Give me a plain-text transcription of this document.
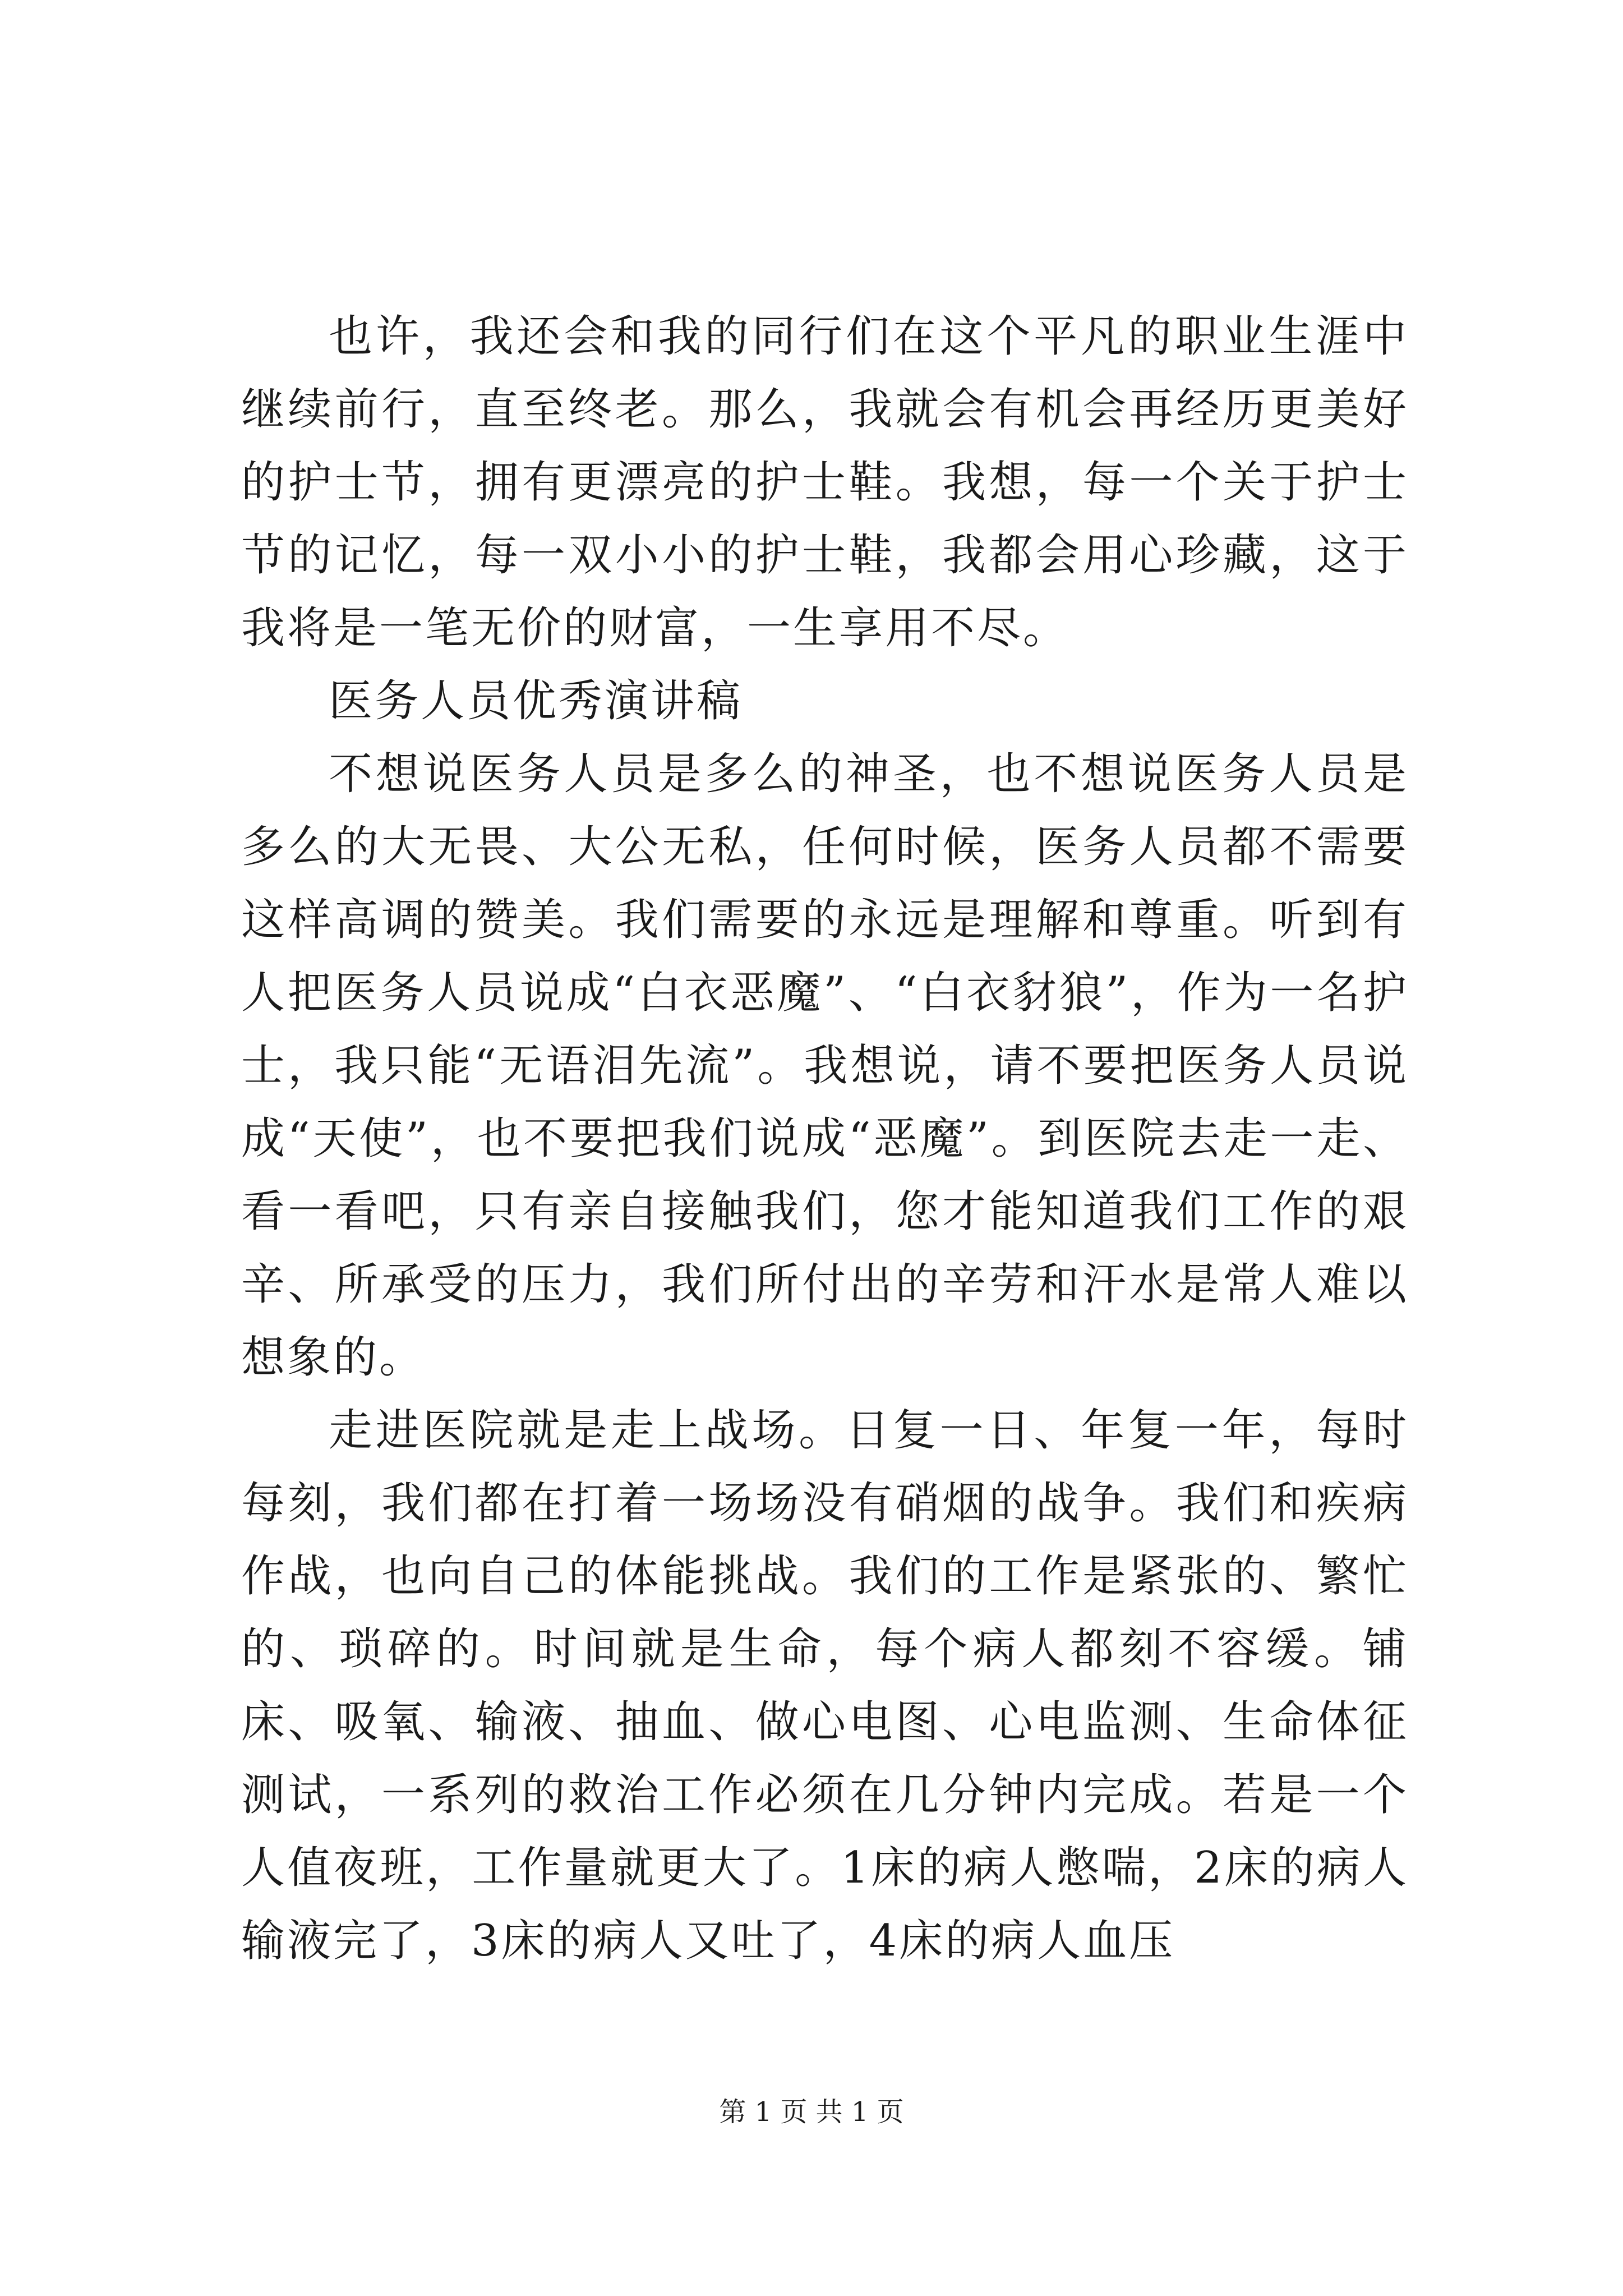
也许，我还会和我的同行们在这个平凡的职业生涯中继续前行，直至终老。那么，我就会有机会再经历更美好的护士节，拥有更漂亮的护士鞋。我想，每一个关于护士节的记忆，每一双小小的护士鞋，我都会用心珍藏，这于我将是一笔无价的财富，一生享用不尽。

医务人员优秀演讲稿

不想说医务人员是多么的神圣，也不想说医务人员是多么的大无畏、大公无私，任何时候，医务人员都不需要这样高调的赞美。我们需要的永远是理解和尊重。听到有人把医务人员说成“白衣恶魔”、“白衣豺狼”，作为一名护士，我只能“无语泪先流”。我想说，请不要把医务人员说成“天使”，也不要把我们说成“恶魔”。到医院去走一走、看一看吧，只有亲自接触我们，您才能知道我们工作的艰辛、所承受的压力，我们所付出的辛劳和汗水是常人难以想象的。

走进医院就是走上战场。日复一日、年复一年，每时每刻，我们都在打着一场场没有硝烟的战争。我们和疾病作战，也向自己的体能挑战。我们的工作是紧张的、繁忙的、琐碎的。时间就是生命，每个病人都刻不容缓。铺床、吸氧、输液、抽血、做心电图、心电监测、生命体征测试，一系列的救治工作必须在几分钟内完成。若是一个人值夜班，工作量就更大了。1床的病人憋喘，2床的病人输液完了，3床的病人又吐了，4床的病人血压

第 1 页 共 1 页
